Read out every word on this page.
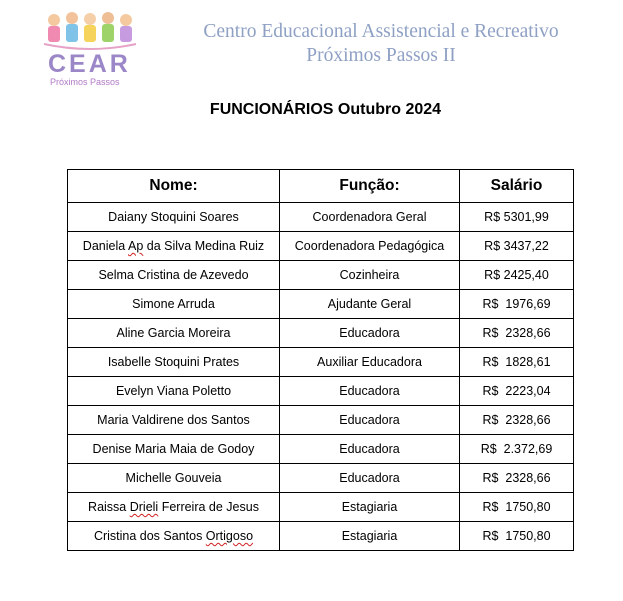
CEAR
Próximos Passos
Centro Educacional Assistencial e Recreativo
Próximos Passos II
FUNCIONÁRIOS Outubro 2024
Nome:	Função:	Salário
Daiany Stoquini Soares	Coordenadora Geral	R$ 5301,99
Daniela Ap da Silva Medina Ruiz	Coordenadora Pedagógica	R$ 3437,22
Selma Cristina de Azevedo	Cozinheira	R$ 2425,40
Simone Arruda	Ajudante Geral	R$  1976,69
Aline Garcia Moreira	Educadora	R$  2328,66
Isabelle Stoquini Prates	Auxiliar Educadora	R$  1828,61
Evelyn Viana Poletto	Educadora	R$  2223,04
Maria Valdirene dos Santos	Educadora	R$  2328,66
Denise Maria Maia de Godoy	Educadora	R$  2.372,69
Michelle Gouveia	Educadora	R$  2328,66
Raissa Drieli Ferreira de Jesus	Estagiaria	R$  1750,80
Cristina dos Santos Ortigoso	Estagiaria	R$  1750,80
